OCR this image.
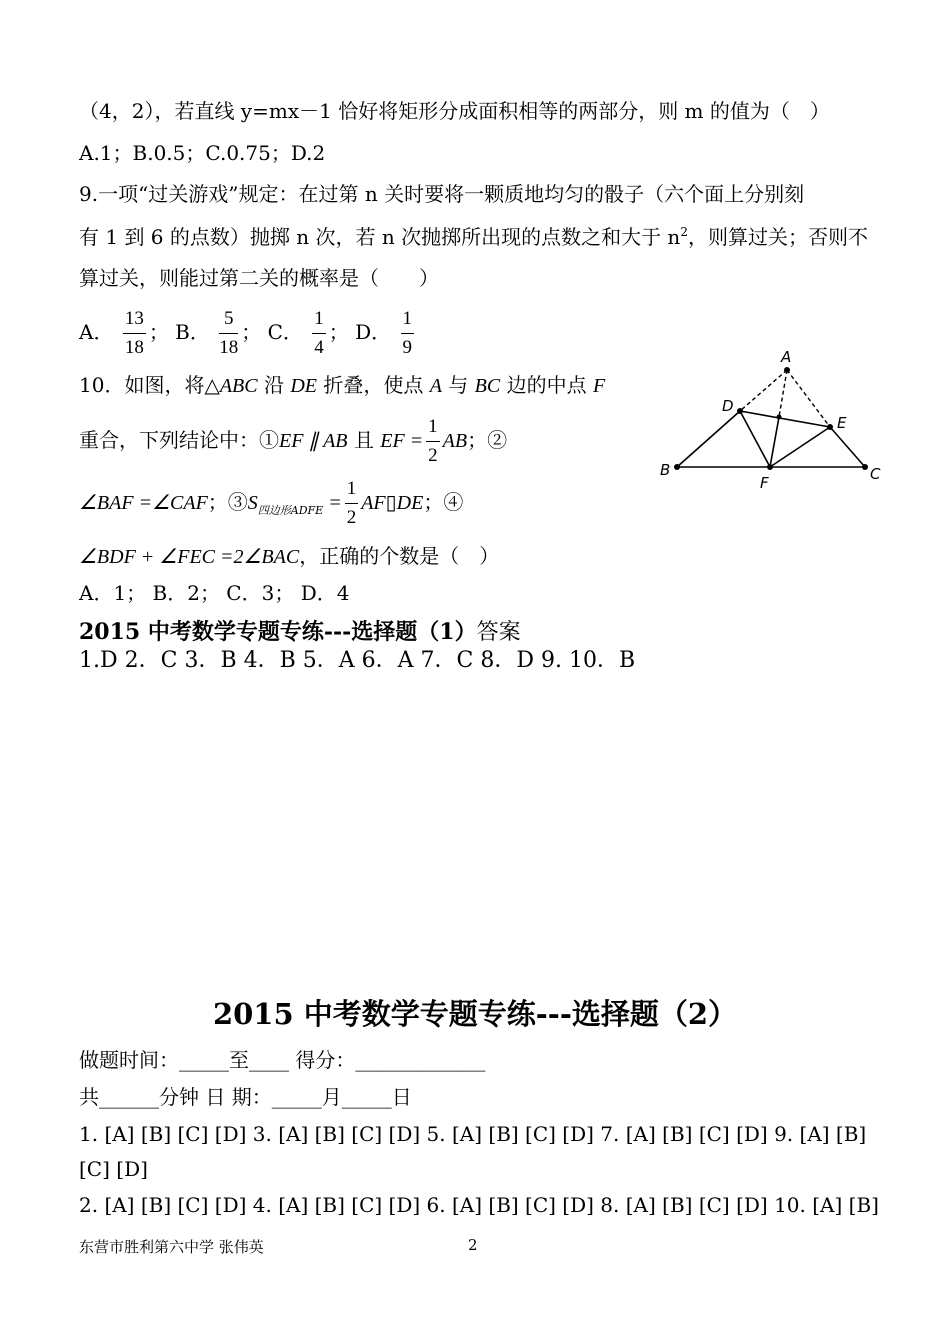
（4，2），若直线 y=mx－1 恰好将矩形分成面积相等的两部分，则 m 的值为（　）
A.1；B.0.5；C.0.75；D.2
9.一项“过关游戏”规定：在过第 n 关时要将一颗质地均匀的骰子（六个面上分别刻
有 1 到 6 的点数）抛掷 n 次，若 n 次抛掷所出现的点数之和大于 $n^2$，则算过关；否则不
算过关，则能过第二关的概率是（　　）
A． $\frac{13}{18}$ ； B． $\frac{5}{18}$ ； C． $\frac{1}{4}$ ； D． $\frac{1}{9}$
10．如图，将△ABC 沿 DE 折叠，使点 A 与 BC 边的中点 F
重合，下列结论中：①EF ∥ AB 且 EF = $\frac{1}{2}$ AB；②
∠BAF =∠CAF；$③S_{四边形ADFE} = \frac{1}{2}$ AF▯DE；④
∠BDF + ∠FEC =2∠BAC，正确的个数是（　）
A．1； B．2； C．3； D．4
A
B	C
D
E
F
2015 中考数学专题专练---选择题（1）答案
1.D 2．C 3．B 4．B 5．A 6．A 7．C 8．D 9. 10．B
2015 中考数学专题专练---选择题（2）
做题时间：_____至____ 得分：_____________
共______分钟 日 期：_____月_____日
1. [A] [B] [C] [D] 3. [A] [B] [C] [D] 5. [A] [B] [C] [D] 7. [A] [B] [C] [D] 9. [A] [B]
[C] [D]
2. [A] [B] [C] [D] 4. [A] [B] [C] [D] 6. [A] [B] [C] [D] 8. [A] [B] [C] [D] 10. [A] [B]
东营市胜利第六中学 张伟英	2
